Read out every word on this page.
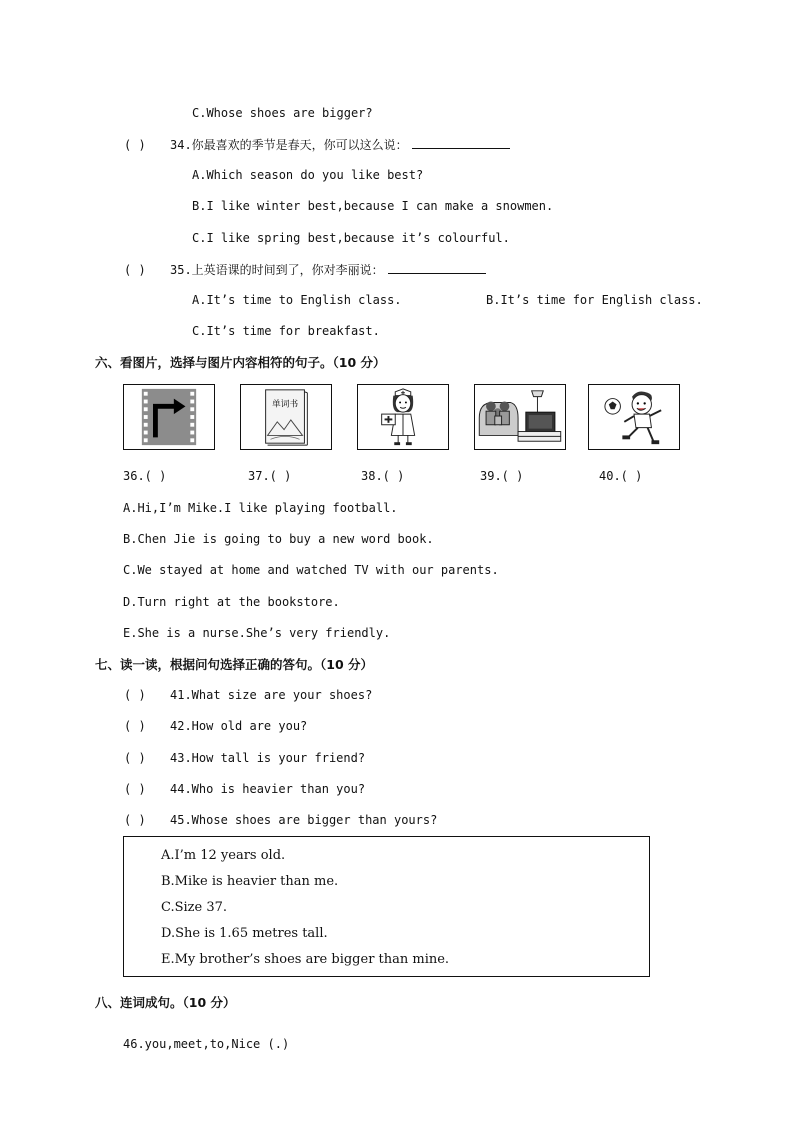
C.Whose shoes are bigger?
( ) 34.你最喜欢的季节是春天，你可以这么说：
A.Which season do you like best?
B.I like winter best,because I can make a snowmen.
C.I like spring best,because it’s colourful.
( ) 35.上英语课的时间到了，你对李丽说：
A.It’s time to English class.	B.It’s time for English class.
C.It’s time for breakfast.
六、看图片，选择与图片内容相符的句子。（10 分）
单词书
36.( )	37.( )	38.( )	39.( )	40.( )
A.Hi,I’m Mike.I like playing football.
B.Chen Jie is going to buy a new word book.
C.We stayed at home and watched TV with our parents.
D.Turn right at the bookstore.
E.She is a nurse.She’s very friendly.
七、读一读，根据问句选择正确的答句。（10 分）
( ) 41.What size are your shoes?
( ) 42.How old are you?
( ) 43.How tall is your friend?
( ) 44.Who is heavier than you?
( ) 45.Whose shoes are bigger than yours?
A.I’m 12 years old.
B.Mike is heavier than me.
C.Size 37.
D.She is 1.65 metres tall.
E.My brother’s shoes are bigger than mine.
八、连词成句。（10 分）
46.you,meet,to,Nice (.)
